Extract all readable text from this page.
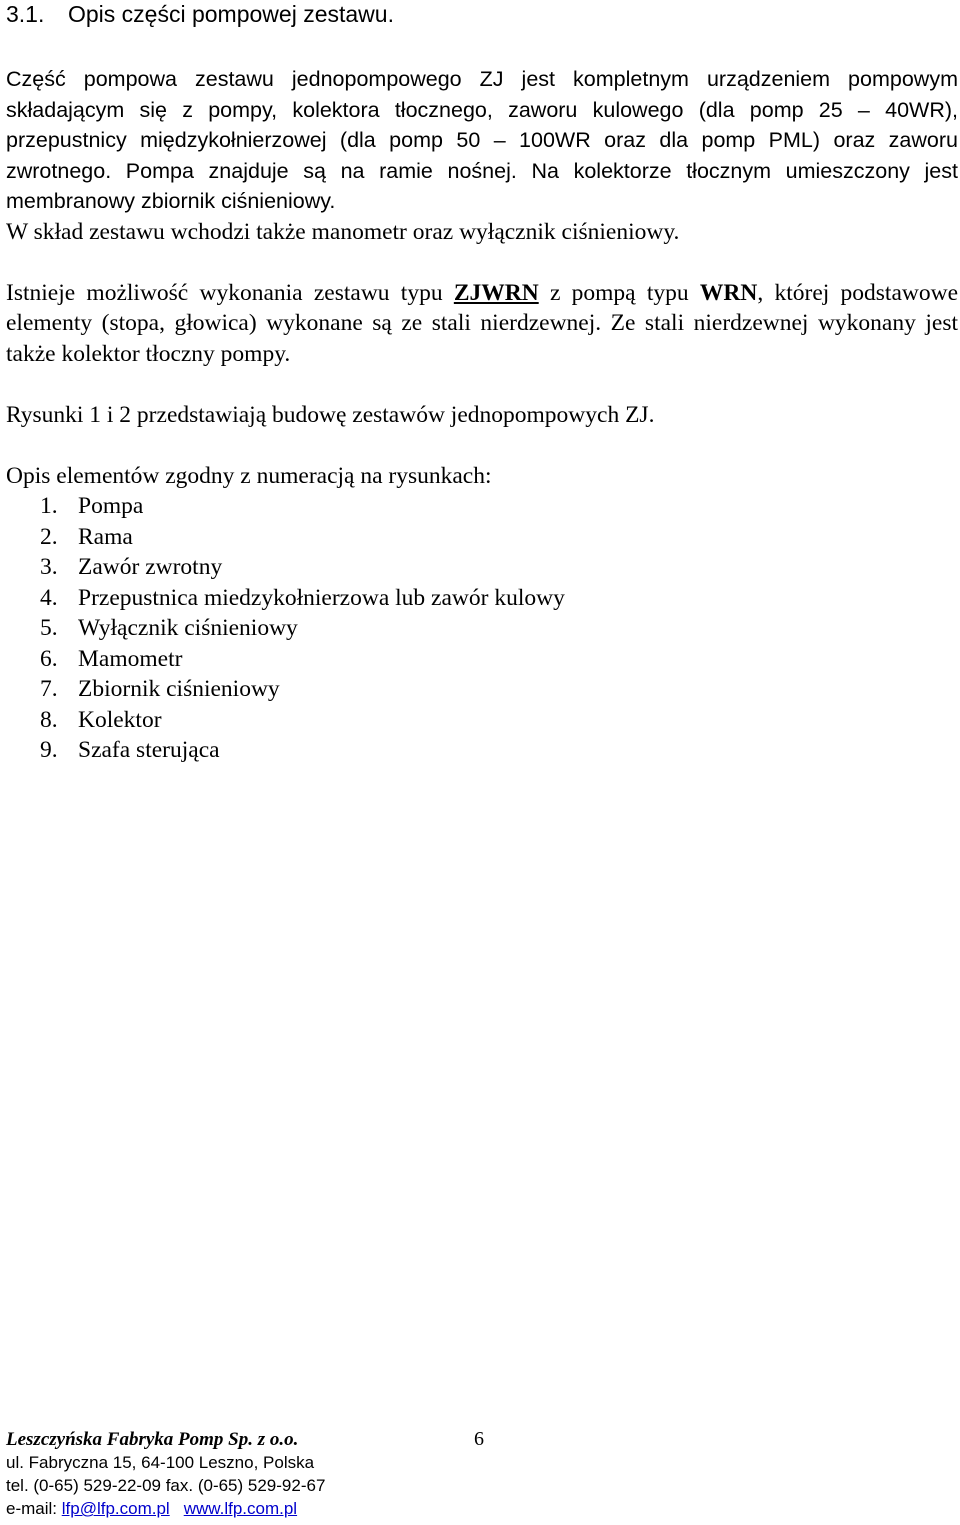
3.1. Opis części pompowej zestawu.

Część pompowa zestawu jednopompowego ZJ jest kompletnym urządzeniem pompowym składającym się z pompy, kolektora tłocznego, zaworu kulowego (dla pomp 25 – 40WR), przepustnicy międzykołnierzowej (dla pomp 50 – 100WR oraz dla pomp PML) oraz zaworu zwrotnego. Pompa znajduje są na ramie nośnej. Na kolektorze tłocznym umieszczony jest membranowy zbiornik ciśnieniowy.
W skład zestawu wchodzi także manometr oraz wyłącznik ciśnieniowy.

Istnieje możliwość wykonania zestawu typu ZJWRN z pompą typu WRN, której podstawowe elementy (stopa, głowica) wykonane są ze stali nierdzewnej. Ze stali nierdzewnej wykonany jest także kolektor tłoczny pompy.

Rysunki 1 i 2 przedstawiają budowę zestawów jednopompowych ZJ.

Opis elementów zgodny z numeracją na rysunkach:

1. Pompa
2. Rama
3. Zawór zwrotny
4. Przepustnica miedzykołnierzowa lub zawór kulowy
5. Wyłącznik ciśnieniowy
6. Mamometr
7. Zbiornik ciśnieniowy
8. Kolektor
9. Szafa sterująca
Leszczyńska Fabryka Pomp Sp. z o.o.
ul. Fabryczna 15, 64-100 Leszno, Polska
tel. (0-65) 529-22-09 fax. (0-65) 529-92-67
e-mail: lfp@lfp.com.pl www.lfp.com.pl
6
